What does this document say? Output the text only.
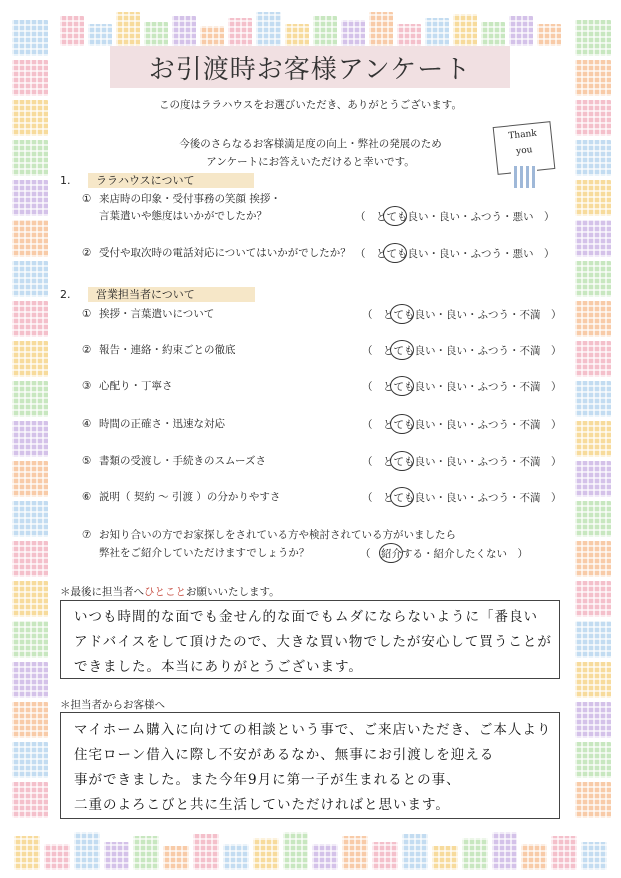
お引渡時お客様アンケート
この度はララハウスをお選びいただき、ありがとうございます。
今後のさらなるお客様満足度の向上・弊社の発展のため
アンケートにお答えいただけると幸いです。
Thank
you
1. ララハウスについて
① 来店時の印象・受付事務の笑顔 挨拶・
言葉遣いや態度はいかがでしたか？	（　とても良い・良い・ふつう・悪い　）
② 受付や取次時の電話対応についてはいかがでしたか？ （　とても良い・良い・ふつう・悪い　）
2. 営業担当者について
① 挨拶・言葉遣いについて	（　とても良い・良い・ふつう・不満　）
② 報告・連絡・約束ごとの徹底	（　とても良い・良い・ふつう・不満　）
③ 心配り・丁寧さ	（　とても良い・良い・ふつう・不満　）
④ 時間の正確さ・迅速な対応	（　とても良い・良い・ふつう・不満　）
⑤ 書類の受渡し・手続きのスムーズさ	（　とても良い・良い・ふつう・不満　）
⑥ 説明（ 契約 〜 引渡 ）の分かりやすさ	（　とても良い・良い・ふつう・不満　）
⑦ お知り合いの方でお家探しをされている方や検討されている方がいましたら
弊社をご紹介していただけますでしょうか？	（　紹介する・紹介したくない　）
＊最後に担当者へひとことお願いいたします。
いつも時間的な面でも金せん的な面でもムダにならないように「番良い
アドバイスをして頂けたので、大きな買い物でしたが安心して買うことが
できました。本当にありがとうございます。
＊担当者からお客様へ
マイホーム購入に向けての相談という事で、ご来店いただき、ご本人より
住宅ローン借入に際し不安があるなか、無事にお引渡しを迎える
事ができました。また今年9月に第一子が生まれるとの事、
二重のよろこびと共に生活していただければと思います。
